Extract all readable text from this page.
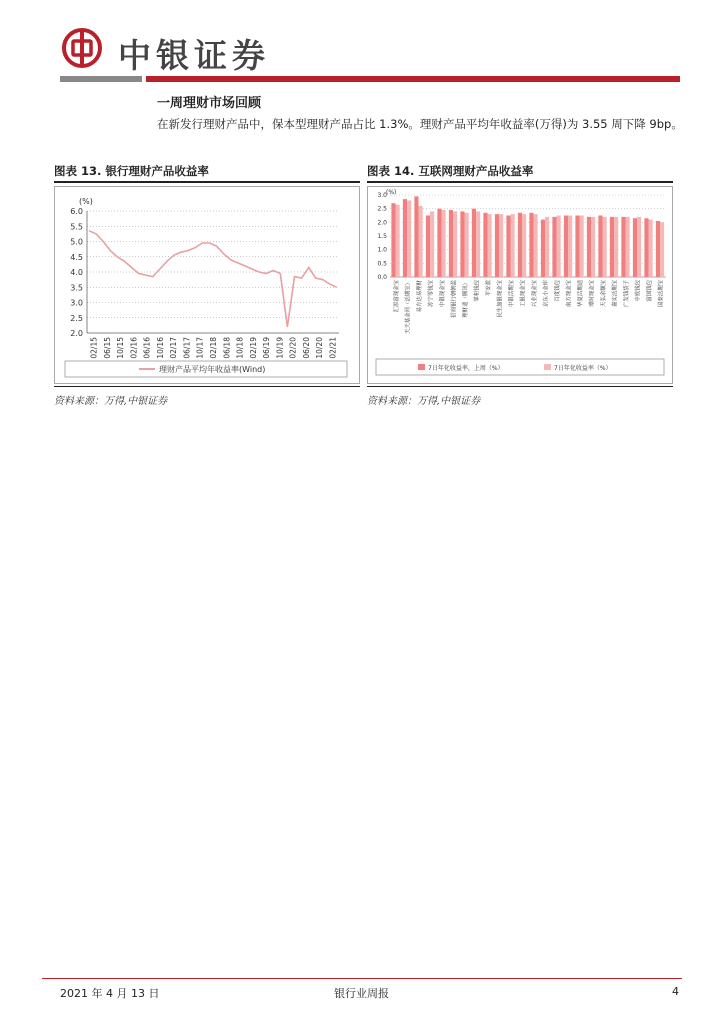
中银证券
一周理财市场回顾
在新发行理财产品中，保本型理财产品占比 1.3%。理财产品平均年收益率(万得)为 3.55 周下降 9bp。
图表 13. 银行理财产品收益率
(%)
6.0
5.5
5.0
4.5
4.0
3.5
3.0
2.5
2.0
02/15 06/15 10/15 02/16 06/16 10/16 02/17 06/17 10/17 02/18 06/18 10/18 02/19 06/19 10/19 02/20 06/20 10/20 02/21
理财产品平均年收益率(Wind)
资料来源：万得,中银证券
图表 14. 互联网理财产品收益率
(%)
3.0
2.5
2.0
1.5
1.0
0.5
0.0
汇添富现金宝	天天基金网（活期宝）	易方达易理财	苏宁零钱宝	中银现金宝	招商银行朝朝盈	理财通（腾讯）	掌柜钱包	平安盈	民生加银现金宝	中银活期宝	工银现金宝	兴业现金宝	京东小金库	百度钱包	南方现金宝	华夏活期通	博时现金宝	天弘余额宝	嘉实活期宝	广发钱袋子	中欧钱包	富国钱包	国泰活期宝
7日年化收益率，上周（%）	7日年化收益率（%）
资料来源：万得,中银证券
2021 年 4 月 13 日	银行业周报	4
